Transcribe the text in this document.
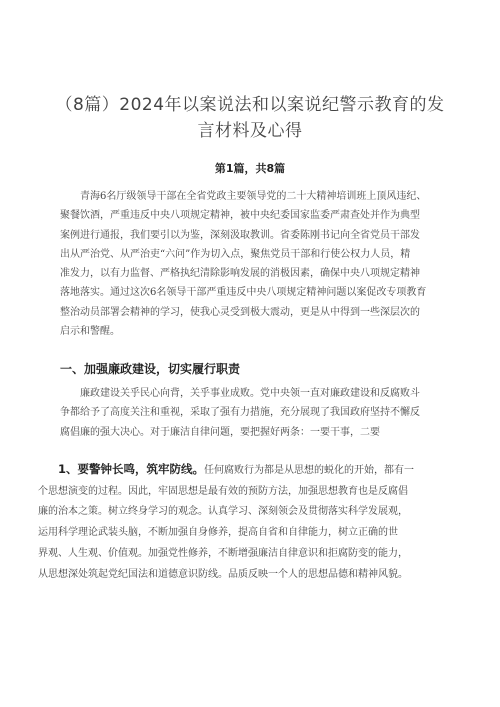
（8篇）2024年以案说法和以案说纪警示教育的发
言材料及心得
第1篇，共8篇
青海6名厅级领导干部在全省党政主要领导党的二十大精神培训班上顶风违纪、
聚餐饮酒，严重违反中央八项规定精神，被中央纪委国家监委严肃查处并作为典型
案例进行通报，我们要引以为鉴，深刻汲取教训。省委陈刚书记向全省党员干部发
出从严治党、从严治吏“六问”作为切入点，聚焦党员干部和行使公权力人员，精
准发力，以有力监督、严格执纪清除影响发展的消极因素，确保中央八项规定精神
落地落实。通过这次6名领导干部严重违反中央八项规定精神问题以案促改专项教育
整治动员部署会精神的学习，使我心灵受到极大震动，更是从中得到一些深层次的
启示和警醒。
一、加强廉政建设，切实履行职责
廉政建设关乎民心向背，关乎事业成败。党中央领一直对廉政建设和反腐败斗
争都给予了高度关注和重视，采取了强有力措施，充分展现了我国政府坚持不懈反
腐倡廉的强大决心。对于廉洁自律问题，要把握好两条：一要干事，二要
1、要警钟长鸣，筑牢防线。任何腐败行为都是从思想的蜕化的开始，都有一
个思想演变的过程。因此，牢固思想是最有效的预防方法，加强思想教育也是反腐倡
廉的治本之策。树立终身学习的观念。认真学习、深刻领会及贯彻落实科学发展观，
运用科学理论武装头脑，不断加强自身修养，提高自省和自律能力，树立正确的世
界观、人生观、价值观。加强党性修养，不断增强廉洁自律意识和拒腐防变的能力，
从思想深处筑起党纪国法和道德意识防线。品质反映一个人的思想品德和精神风貌。
